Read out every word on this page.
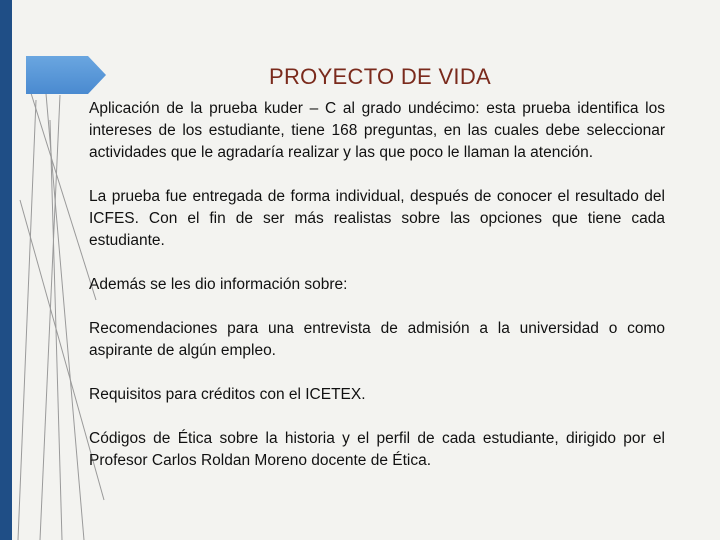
PROYECTO DE VIDA

Aplicación de la prueba kuder – C al grado undécimo: esta prueba identifica los intereses de los estudiante, tiene 168 preguntas, en las cuales debe seleccionar actividades que le agradaría realizar y las que poco le llaman la atención.

La prueba fue entregada de forma individual, después de conocer el resultado del ICFES. Con el fin de ser más realistas sobre las opciones que tiene cada estudiante.

Además se les dio información sobre:

Recomendaciones para una entrevista de admisión a la universidad o como aspirante de algún empleo.

Requisitos para créditos con el ICETEX.

Códigos de Ética sobre la historia y el perfil de cada estudiante, dirigido por el Profesor Carlos Roldan Moreno docente de Ética.
